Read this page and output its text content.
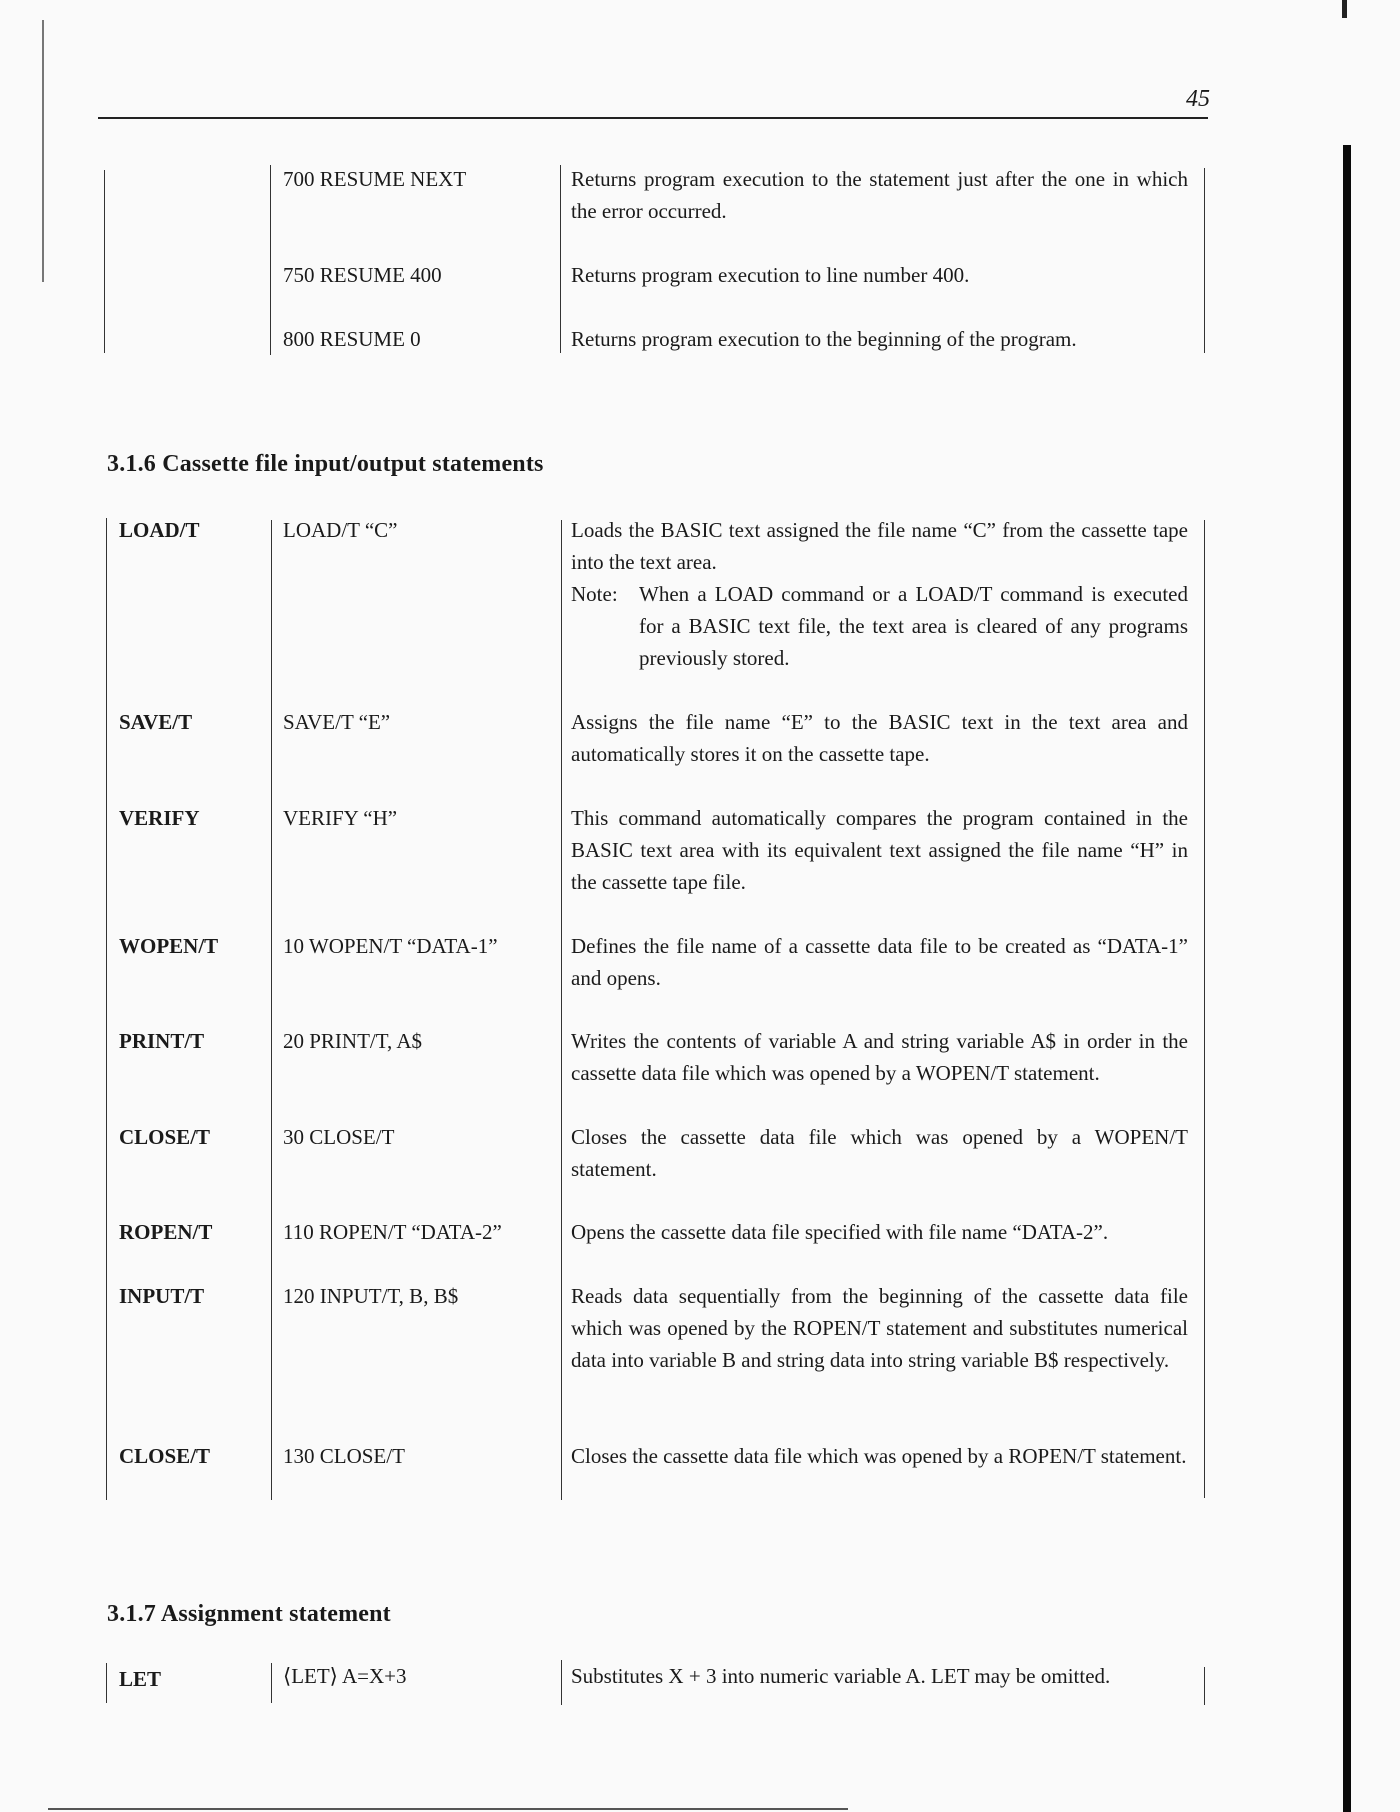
45
700 RESUME NEXT	Returns program execution to the statement just after the one in which the error occurred.
750 RESUME 400	Returns program execution to line number 400.
800 RESUME 0	Returns program execution to the beginning of the program.
3.1.6 Cassette file input/output statements
LOAD/T	LOAD/T “C”	Loads the BASIC text assigned the file name “C” from the cassette tape into the text area.
Note:	When a LOAD command or a LOAD/T command is executed for a BASIC text file, the text area is cleared of any programs previously stored.
SAVE/T	SAVE/T “E”	Assigns the file name “E” to the BASIC text in the text area and automatically stores it on the cassette tape.
VERIFY	VERIFY “H”	This command automatically compares the program contained in the BASIC text area with its equivalent text assigned the file name “H” in the cassette tape file.
WOPEN/T	10 WOPEN/T “DATA-1”	Defines the file name of a cassette data file to be created as “DATA-1” and opens.
PRINT/T	20 PRINT/T, A$	Writes the contents of variable A and string variable A$ in order in the cassette data file which was opened by a WOPEN/T statement.
CLOSE/T	30 CLOSE/T	Closes the cassette data file which was opened by a WOPEN/T statement.
ROPEN/T	110 ROPEN/T “DATA-2”	Opens the cassette data file specified with file name “DATA-2”.
INPUT/T	120 INPUT/T, B, B$	Reads data sequentially from the beginning of the cassette data file which was opened by the ROPEN/T statement and substitutes numerical data into variable B and string data into string variable B$ respectively.
CLOSE/T	130 CLOSE/T	Closes the cassette data file which was opened by a ROPEN/T statement.
3.1.7 Assignment statement
LET	⟨LET⟩ A=X+3	Substitutes X + 3 into numeric variable A. LET may be omitted.
